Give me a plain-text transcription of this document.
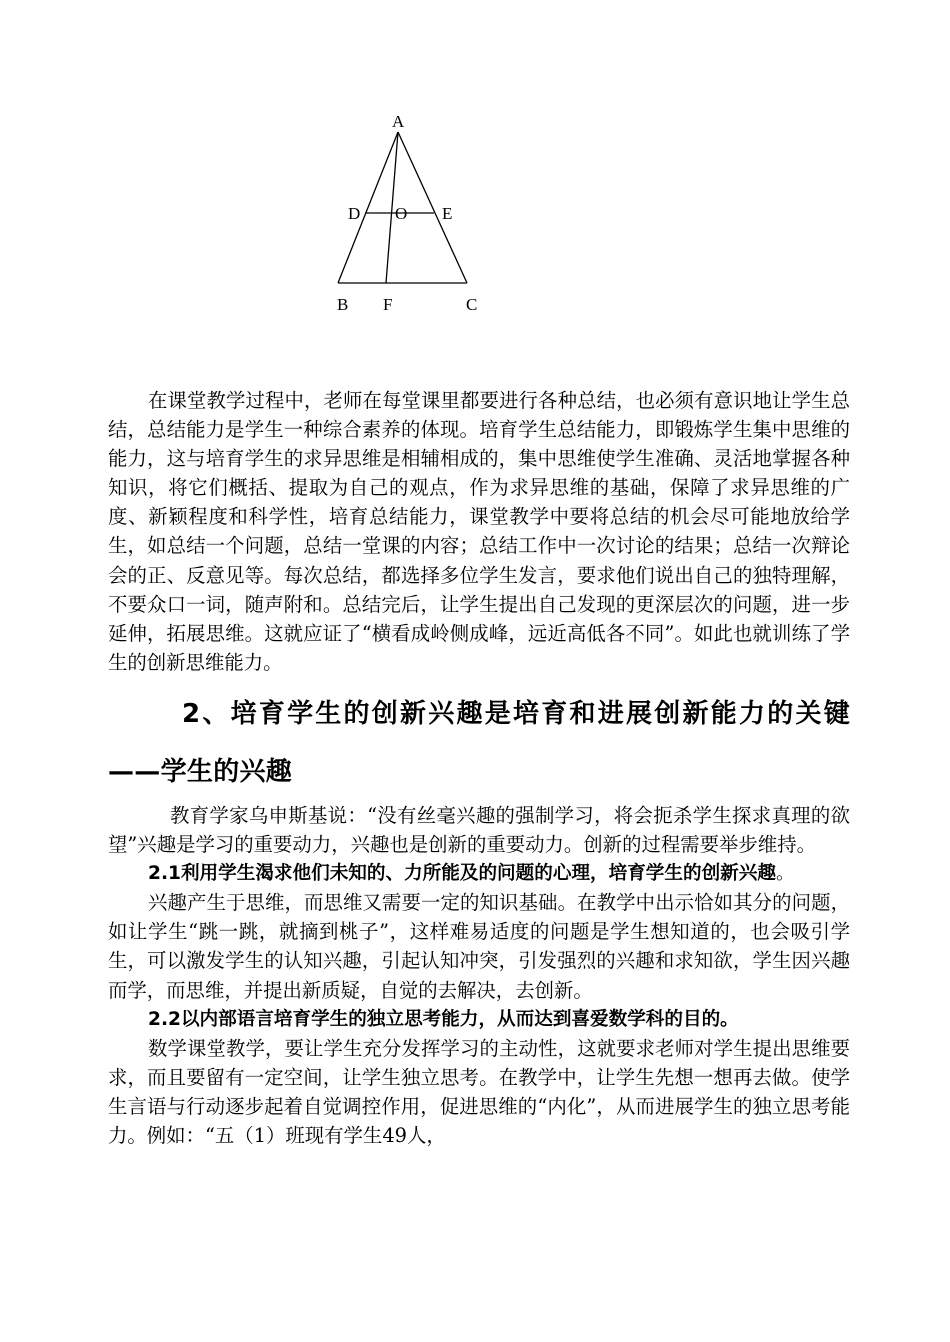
A
D O E
B F	C

在课堂教学过程中，老师在每堂课里都要进行各种总结，也必须有意识地让学生总结，总结能力是学生一种综合素养的体现。培育学生总结能力，即锻炼学生集中思维的能力，这与培育学生的求异思维是相辅相成的，集中思维使学生准确、灵活地掌握各种知识，将它们概括、提取为自己的观点，作为求异思维的基础，保障了求异思维的广度、新颖程度和科学性，培育总结能力，课堂教学中要将总结的机会尽可能地放给学生，如总结一个问题，总结一堂课的内容；总结工作中一次讨论的结果；总结一次辩论会的正、反意见等。每次总结，都选择多位学生发言，要求他们说出自己的独特理解，不要众口一词，随声附和。总结完后，让学生提出自己发现的更深层次的问题，进一步延伸，拓展思维。这就应证了“横看成岭侧成峰，远近高低各不同”。如此也就训练了学生的创新思维能力。

2、培育学生的创新兴趣是培育和进展创新能力的关键——学生的兴趣

教育学家乌申斯基说：“没有丝毫兴趣的强制学习，将会扼杀学生探求真理的欲望”兴趣是学习的重要动力，兴趣也是创新的重要动力。创新的过程需要举步维持。

2.1利用学生渴求他们未知的、力所能及的问题的心理，培育学生的创新兴趣。

兴趣产生于思维，而思维又需要一定的知识基础。在教学中出示恰如其分的问题，如让学生“跳一跳，就摘到桃子”，这样难易适度的问题是学生想知道的，也会吸引学生，可以激发学生的认知兴趣，引起认知冲突，引发强烈的兴趣和求知欲，学生因兴趣而学，而思维，并提出新质疑，自觉的去解决，去创新。

2.2以内部语言培育学生的独立思考能力，从而达到喜爱数学科的目的。

数学课堂教学，要让学生充分发挥学习的主动性，这就要求老师对学生提出思维要求，而且要留有一定空间，让学生独立思考。在教学中，让学生先想一想再去做。使学生言语与行动逐步起着自觉调控作用，促进思维的“内化”，从而进展学生的独立思考能力。例如：“五（1）班现有学生49人，
